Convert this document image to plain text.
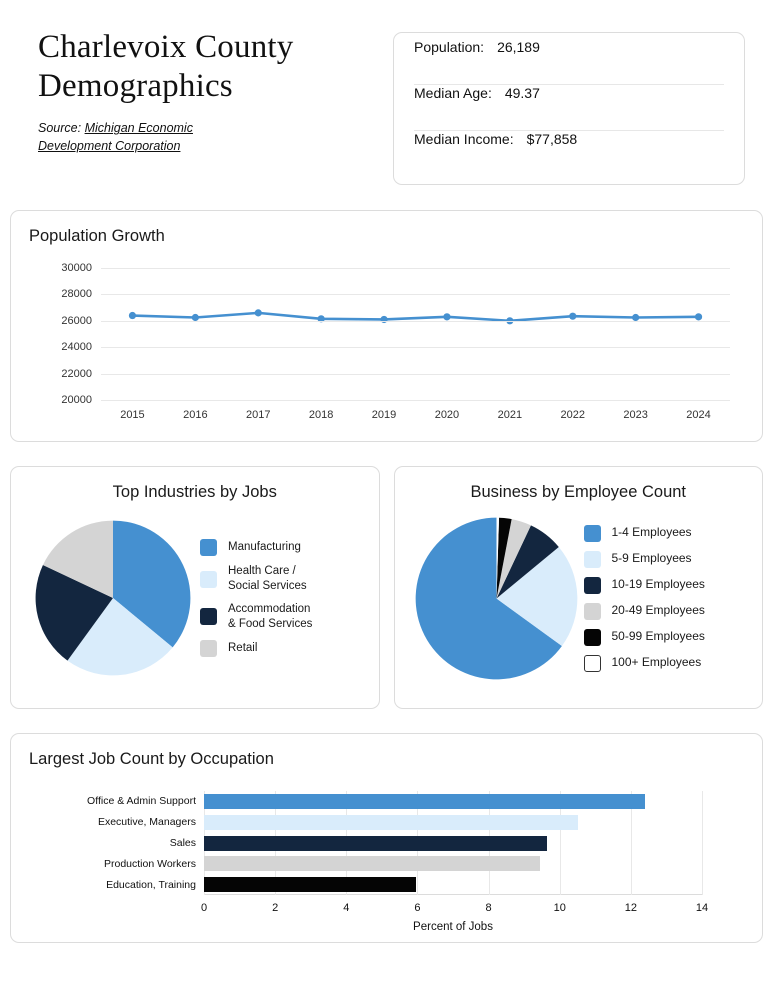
Charlevoix County Demographics
Source: Michigan Economic Development Corporation
Population: 26,189
Median Age: 49.37
Median Income: $77,858
Population Growth
20000
22000
24000
26000
28000
30000
2015	2016	2017	2018	2019	2020	2021	2022	2023	2024
Top Industries by Jobs
Manufacturing
Health Care /
Social Services
Accommodation
& Food Services
Retail
Business by Employee Count
1-4 Employees
5-9 Employees
10-19 Employees
20-49 Employees
50-99 Employees
100+ Employees
Largest Job Count by Occupation
Percent of Jobs
0	2	4	6	8	10	12	14
Office & Admin Support
Executive, Managers
Sales
Production Workers
Education, Training
